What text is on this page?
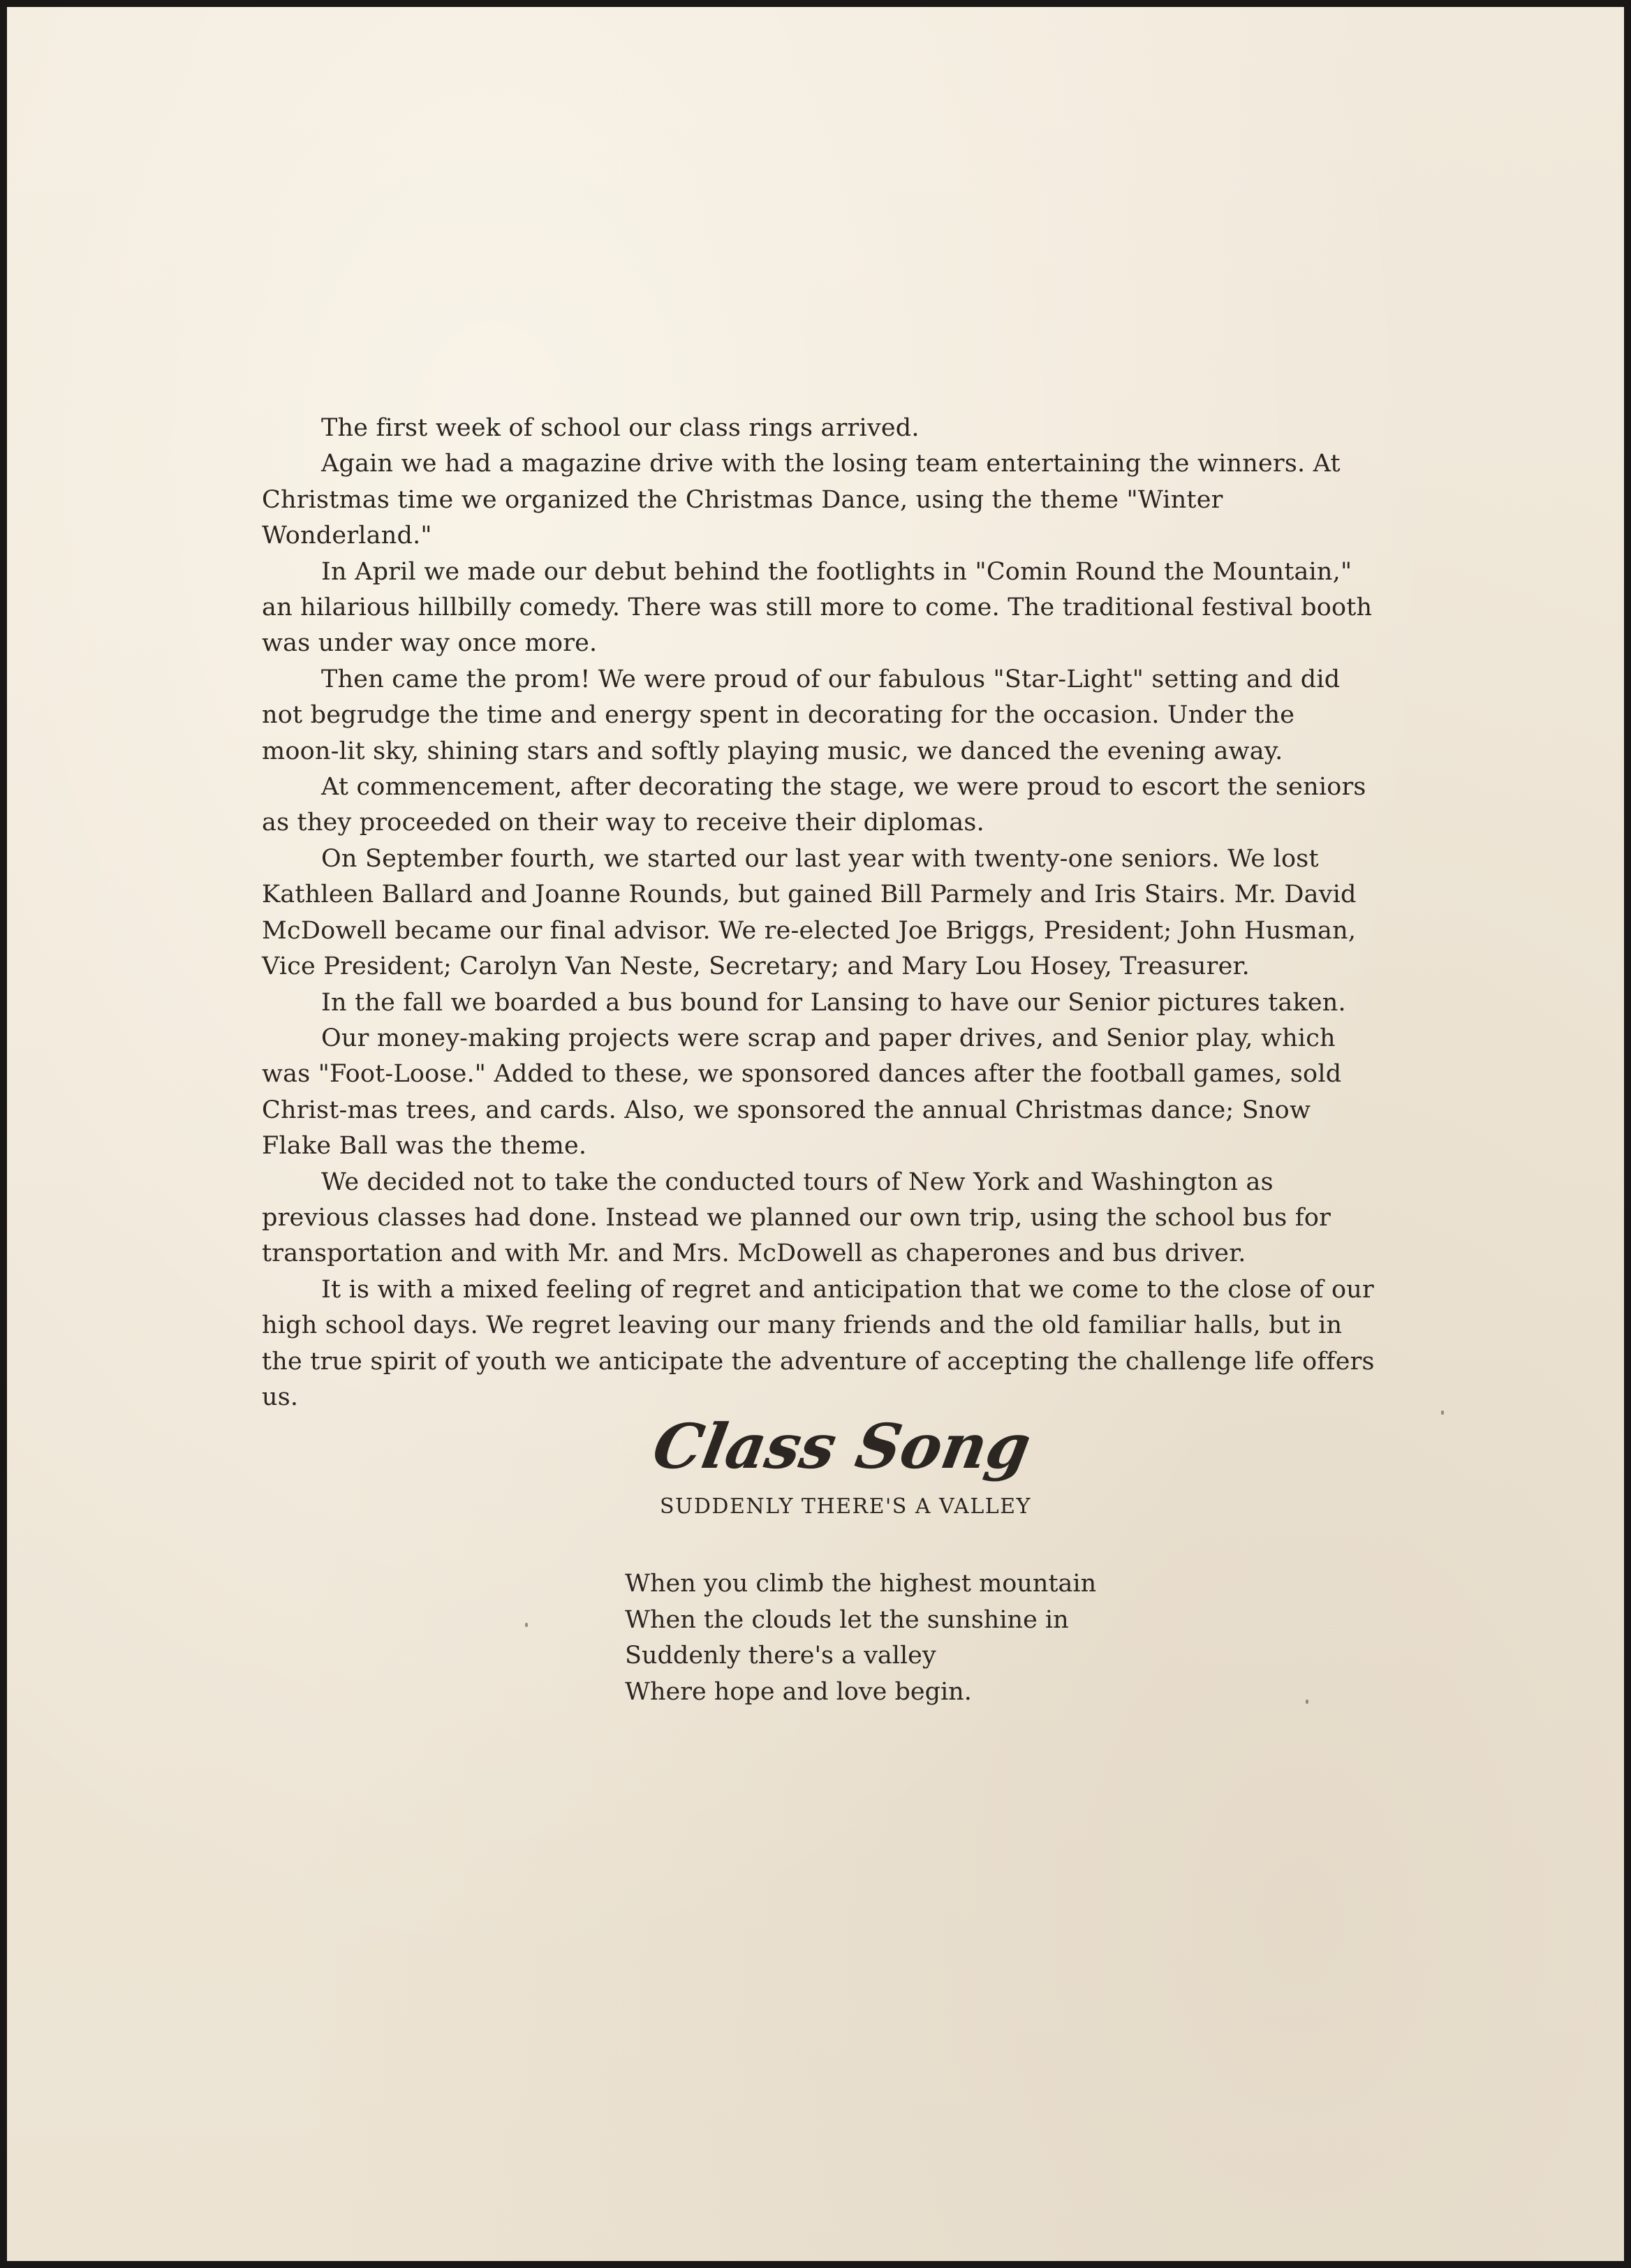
The first week of school our class rings arrived.

Again we had a magazine drive with the losing team entertaining the winners. At Christmas time we organized the Christmas Dance, using the theme "Winter Wonderland."

In April we made our debut behind the footlights in "Comin Round the Mountain," an hilarious hillbilly comedy. There was still more to come. The traditional festival booth was under way once more.

Then came the prom! We were proud of our fabulous "Star-Light" setting and did not begrudge the time and energy spent in decorating for the occasion. Under the moon-lit sky, shining stars and softly playing music, we danced the evening away.

At commencement, after decorating the stage, we were proud to escort the seniors as they proceeded on their way to receive their diplomas.

On September fourth, we started our last year with twenty-one seniors. We lost Kathleen Ballard and Joanne Rounds, but gained Bill Parmely and Iris Stairs. Mr. David McDowell became our final advisor. We re-elected Joe Briggs, President; John Husman, Vice President; Carolyn Van Neste, Secretary; and Mary Lou Hosey, Treasurer.

In the fall we boarded a bus bound for Lansing to have our Senior pictures taken.

Our money-making projects were scrap and paper drives, and Senior play, which was "Foot-Loose." Added to these, we sponsored dances after the football games, sold Christ-mas trees, and cards. Also, we sponsored the annual Christmas dance; Snow Flake Ball was the theme.

We decided not to take the conducted tours of New York and Washington as previous classes had done. Instead we planned our own trip, using the school bus for transportation and with Mr. and Mrs. McDowell as chaperones and bus driver.

It is with a mixed feeling of regret and anticipation that we come to the close of our high school days. We regret leaving our many friends and the old familiar halls, but in the true spirit of youth we anticipate the adventure of accepting the challenge life offers us.

Class Song
SUDDENLY THERE'S A VALLEY

When you climb the highest mountain

When the clouds let the sunshine in

Suddenly there's a valley

Where hope and love begin.
